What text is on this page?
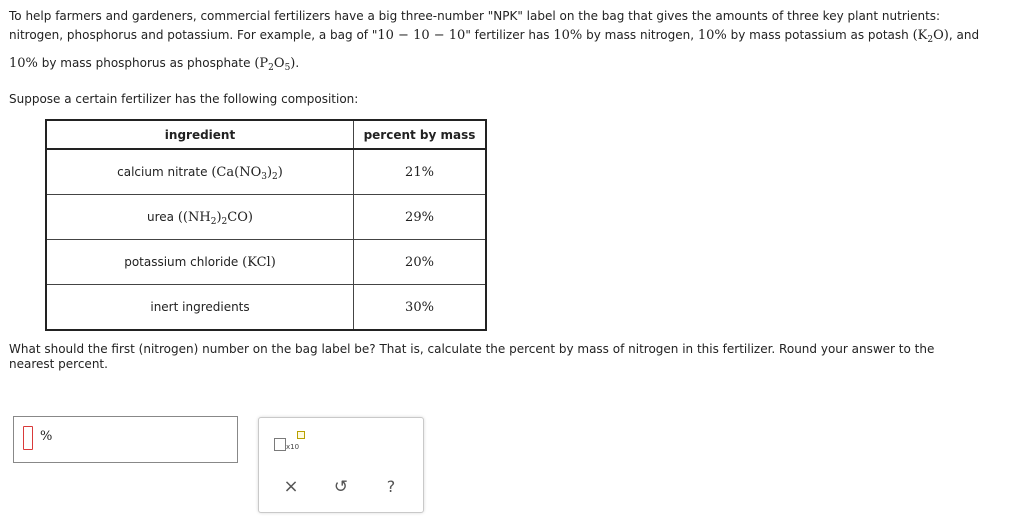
To help farmers and gardeners, commercial fertilizers have a big three-number "NPK" label on the bag that gives the amounts of three key plant nutrients:
nitrogen, phosphorus and potassium. For example, a bag of "10 − 10 − 10" fertilizer has 10% by mass nitrogen, 10% by mass potassium as potash $(K_2O)$, and
10% by mass phosphorus as phosphate $(P_2O_5)$.
Suppose a certain fertilizer has the following composition:
ingredient	percent by mass
calcium nitrate $(Ca(NO_3)_2)$	21%
urea $((NH_2)_2CO)$	29%
potassium chloride (KCl)	20%
inert ingredients	30%
What should the first (nitrogen) number on the bag label be? That is, calculate the percent by mass of nitrogen in this fertilizer. Round your answer to the
nearest percent.
%
x10
× ↺	?
